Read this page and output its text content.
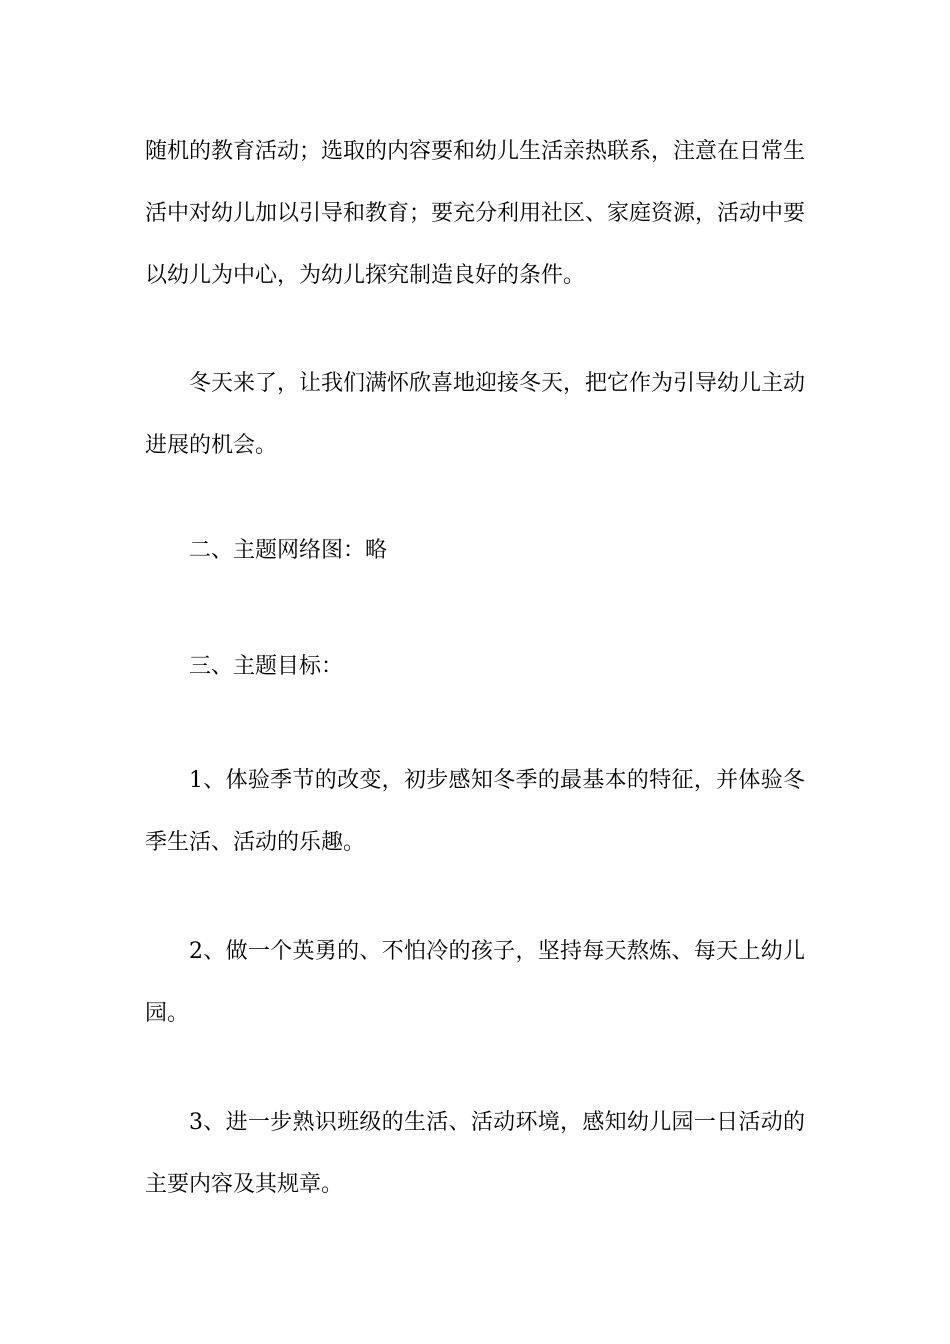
随机的教育活动；选取的内容要和幼儿生活亲热联系，注意在日常生活中对幼儿加以引导和教育；要充分利用社区、家庭资源，活动中要以幼儿为中心，为幼儿探究制造良好的条件。

冬天来了，让我们满怀欣喜地迎接冬天，把它作为引导幼儿主动进展的机会。

二、主题网络图：略

三、主题目标：

1、体验季节的改变，初步感知冬季的最基本的特征，并体验冬季生活、活动的乐趣。

2、做一个英勇的、不怕冷的孩子，坚持每天熬炼、每天上幼儿园。

3、进一步熟识班级的生活、活动环境，感知幼儿园一日活动的主要内容及其规章。
